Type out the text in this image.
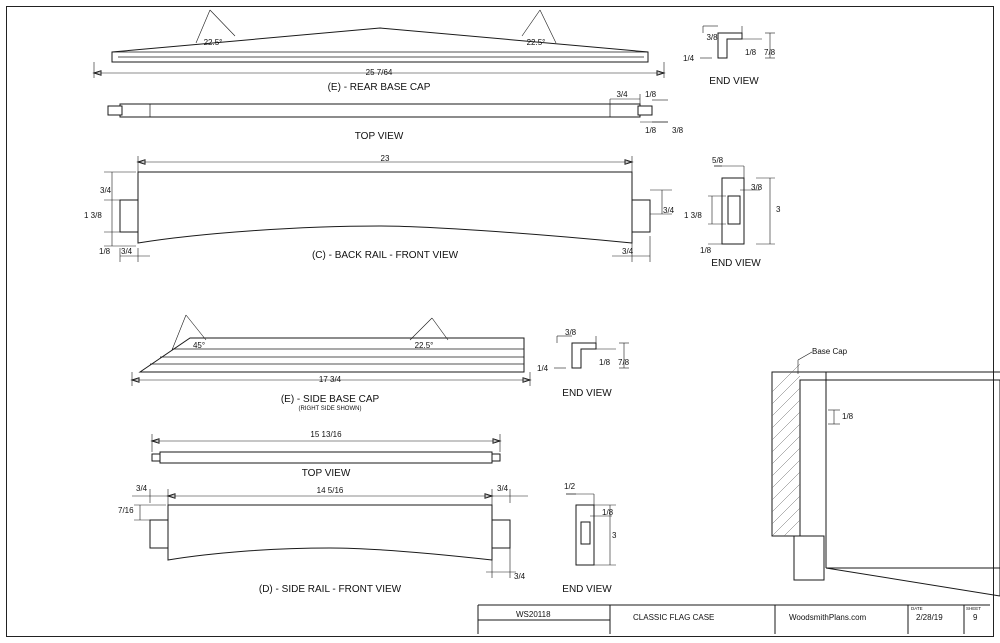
22.5°	22.5°
25 7/64
(E) - REAR BASE CAP
3/8
1/8 7/8
1/4
END VIEW
3/4 1/8
1/8 3/8
TOP VIEW
23
3/4
1 3/8
1/8 3/4
3/4
3/4
(C) - BACK RAIL - FRONT VIEW
5/8
3/8
3
1 3/8
1/8
END VIEW
45°	22.5°
17 3/4
(E) - SIDE BASE CAP
(RIGHT SIDE SHOWN)
3/8
1/8 7/8
1/4
END VIEW
15 13/16
TOP VIEW
14 5/16
3/4
7/16
3/4
3/4
(D) - SIDE RAIL - FRONT VIEW
1/2
1/8
3
END VIEW
Base Cap
1/8
WS20118	CLASSIC FLAG CASE	WoodsmithPlans.com
DATE
2/28/19
SHEET
9
